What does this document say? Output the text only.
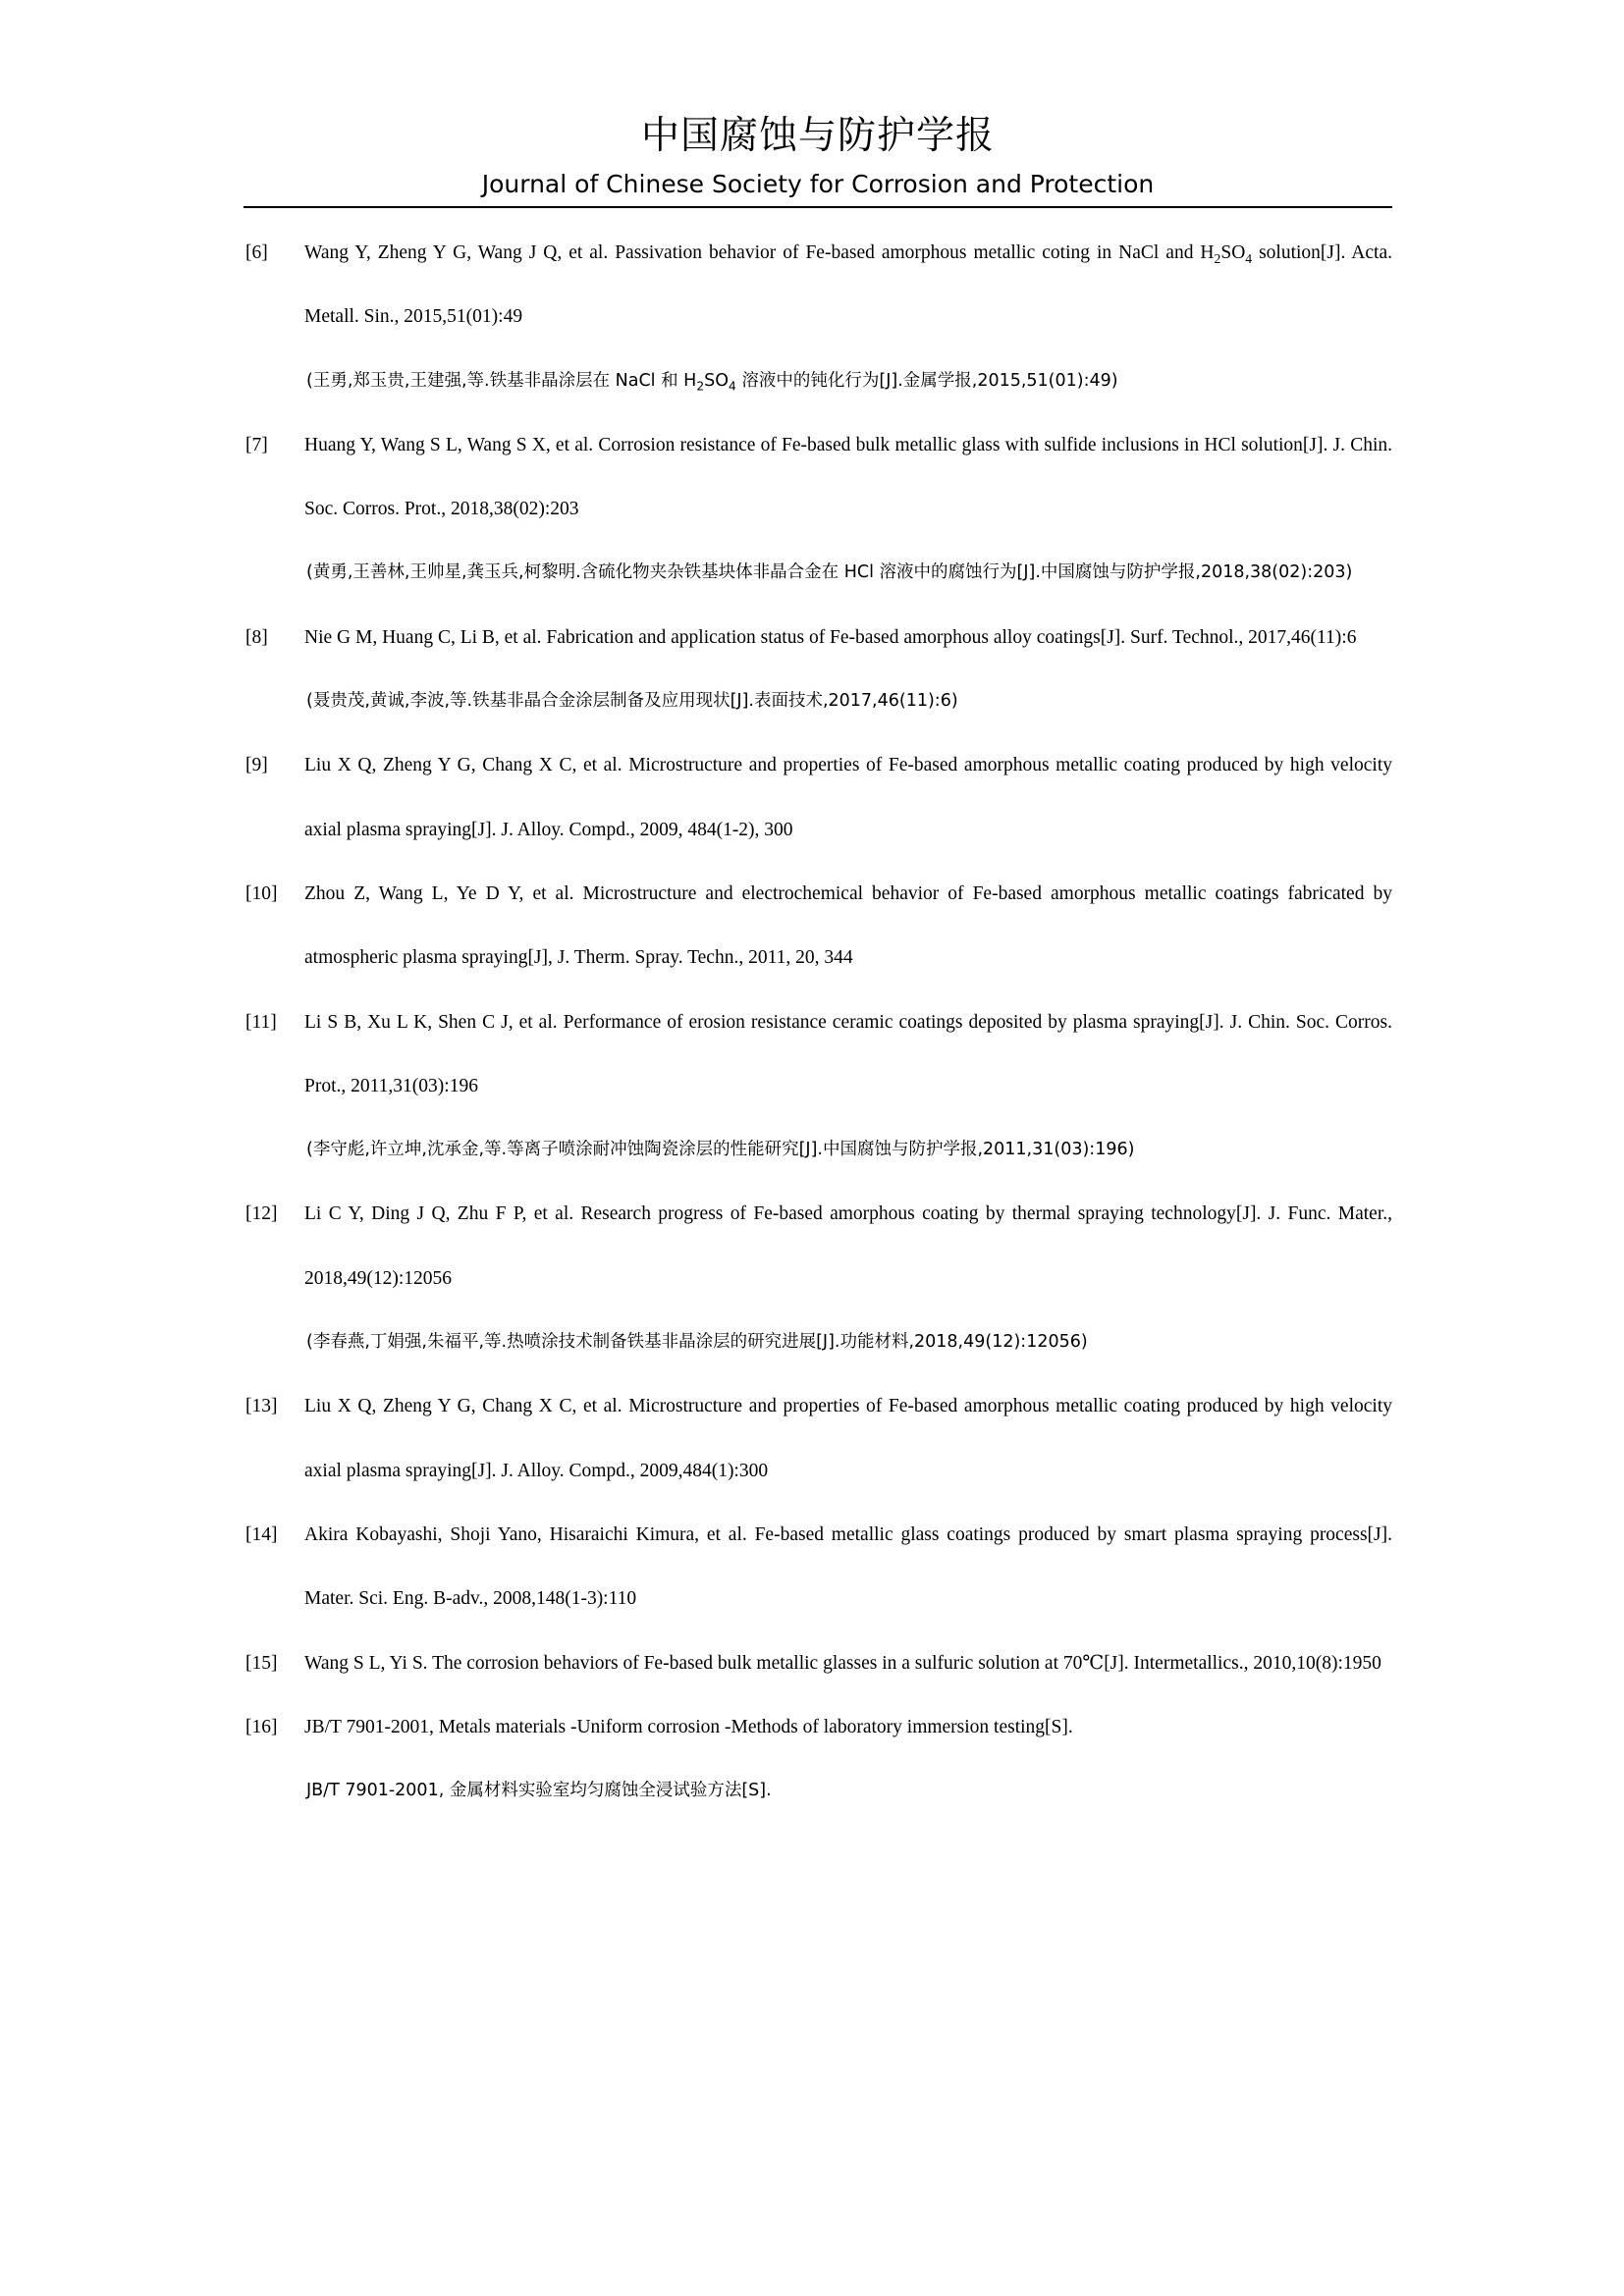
中国腐蚀与防护学报
Journal of Chinese Society for Corrosion and Protection
[6]	Wang Y, Zheng Y G, Wang J Q, et al. Passivation behavior of Fe-based amorphous metallic coting in NaCl and $H_2SO_4$ solution[J]. Acta. Metall. Sin., 2015,51(01):49
(王勇,郑玉贵,王建强,等.铁基非晶涂层在 NaCl 和 $H_2SO_4$ 溶液中的钝化行为[J].金属学报,2015,51(01):49)
[7]	Huang Y, Wang S L, Wang S X, et al. Corrosion resistance of Fe-based bulk metallic glass with sulfide inclusions in HCl solution[J]. J. Chin. Soc. Corros. Prot., 2018,38(02):203
(黄勇,王善林,王帅星,龚玉兵,柯黎明.含硫化物夹杂铁基块体非晶合金在 HCl 溶液中的腐蚀行为[J].中国腐蚀与防护学报,2018,38(02):203)
[8]	Nie G M, Huang C, Li B, et al. Fabrication and application status of Fe-based amorphous alloy coatings[J]. Surf. Technol., 2017,46(11):6
(聂贵茂,黄诚,李波,等.铁基非晶合金涂层制备及应用现状[J].表面技术,2017,46(11):6)
[9]	Liu X Q, Zheng Y G, Chang X C, et al. Microstructure and properties of Fe-based amorphous metallic coating produced by high velocity axial plasma spraying[J]. J. Alloy. Compd., 2009, 484(1-2), 300
[10]	Zhou Z, Wang L, Ye D Y, et al. Microstructure and electrochemical behavior of Fe-based amorphous metallic coatings fabricated by atmospheric plasma spraying[J], J. Therm. Spray. Techn., 2011, 20, 344
[11]	Li S B, Xu L K, Shen C J, et al. Performance of erosion resistance ceramic coatings deposited by plasma spraying[J]. J. Chin. Soc. Corros. Prot., 2011,31(03):196
(李守彪,许立坤,沈承金,等.等离子喷涂耐冲蚀陶瓷涂层的性能研究[J].中国腐蚀与防护学报,2011,31(03):196)
[12]	Li C Y, Ding J Q, Zhu F P, et al. Research progress of Fe-based amorphous coating by thermal spraying technology[J]. J. Func. Mater., 2018,49(12):12056
(李春燕,丁娟强,朱福平,等.热喷涂技术制备铁基非晶涂层的研究进展[J].功能材料,2018,49(12):12056)
[13]	Liu X Q, Zheng Y G, Chang X C, et al. Microstructure and properties of Fe-based amorphous metallic coating produced by high velocity axial plasma spraying[J]. J. Alloy. Compd., 2009,484(1):300
[14]	Akira Kobayashi, Shoji Yano, Hisaraichi Kimura, et al. Fe-based metallic glass coatings produced by smart plasma spraying process[J]. Mater. Sci. Eng. B-adv., 2008,148(1-3):110
[15]	Wang S L, Yi S. The corrosion behaviors of Fe-based bulk metallic glasses in a sulfuric solution at 70℃[J]. Intermetallics., 2010,10(8):1950
[16]	JB/T 7901-2001, Metals materials -Uniform corrosion -Methods of laboratory immersion testing[S].
JB/T 7901-2001, 金属材料实验室均匀腐蚀全浸试验方法[S].
